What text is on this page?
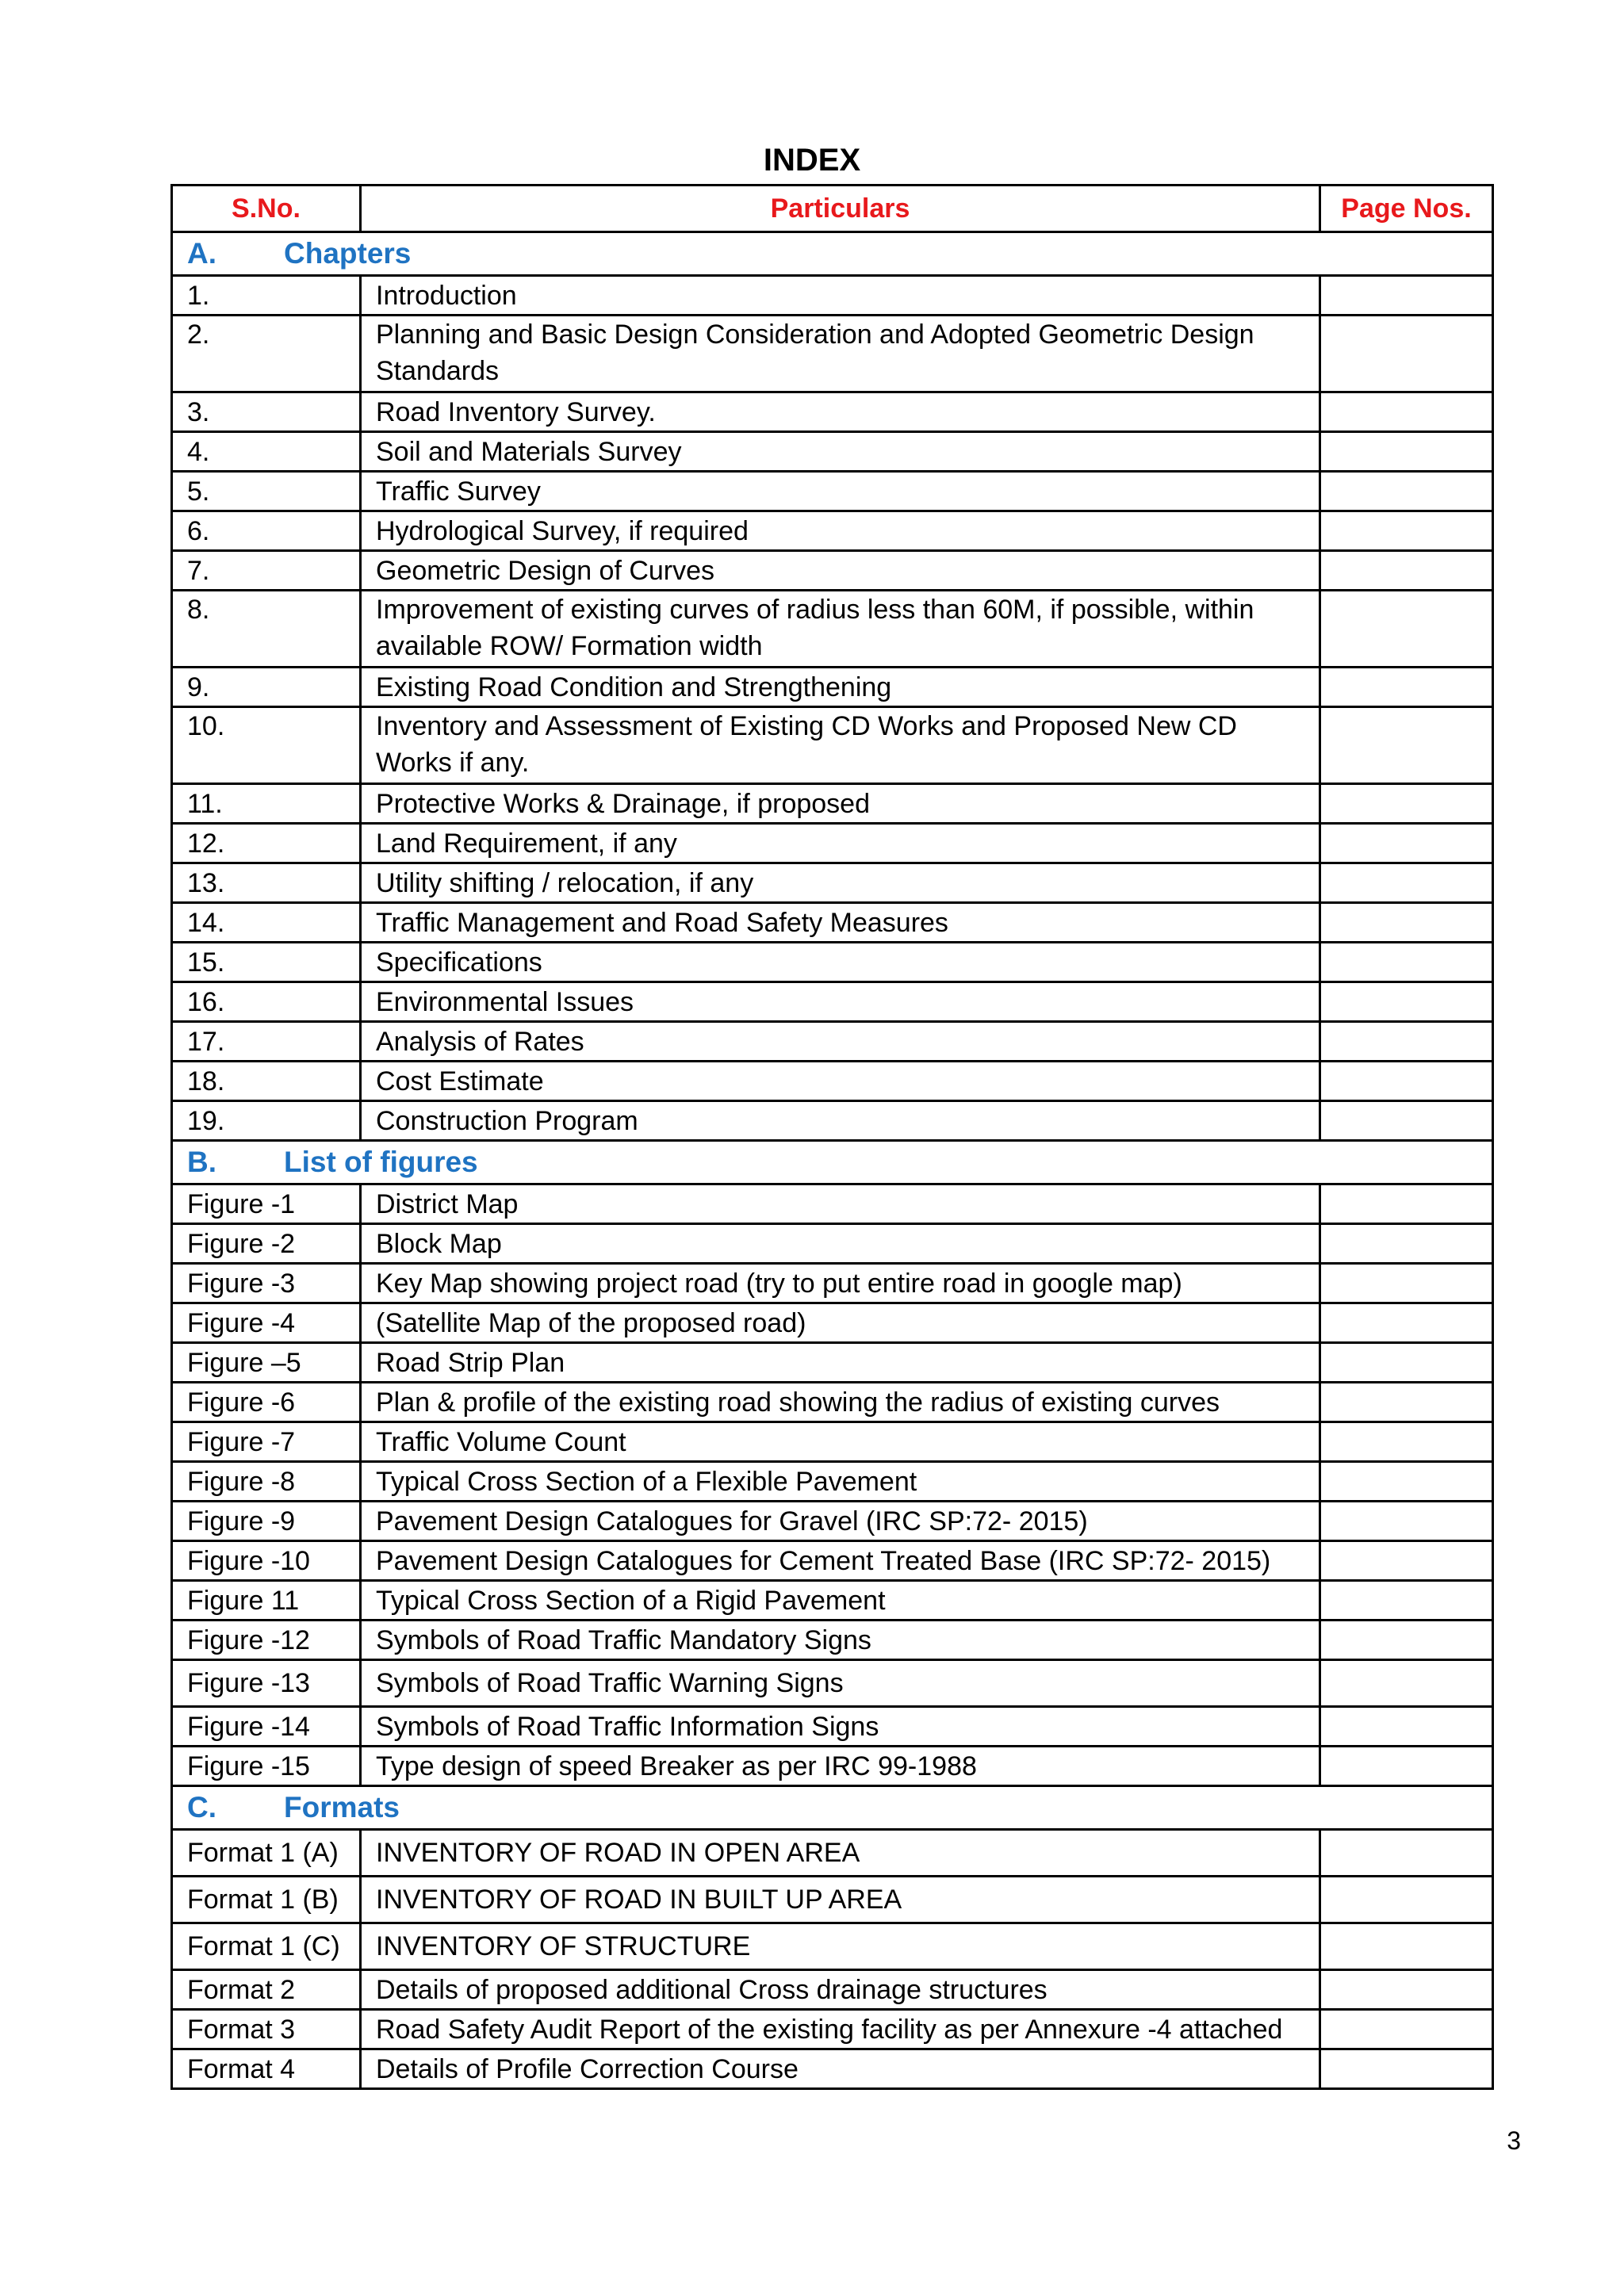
INDEX
S.No.	Particulars	Page Nos.
A. Chapters		
1.	Introduction	
2.	Planning and Basic Design Consideration and Adopted Geometric Design Standards	
3.	Road Inventory Survey.	
4.	Soil and Materials Survey	
5.	Traffic Survey	
6.	Hydrological Survey, if required	
7.	Geometric Design of Curves	
8.	Improvement of existing curves of radius less than 60M, if possible, within available ROW/ Formation width	
9.	Existing Road Condition and Strengthening	
10.	Inventory and Assessment of Existing CD Works and Proposed New CD Works if any.	
11.	Protective Works & Drainage, if proposed	
12.	Land Requirement, if any	
13.	Utility shifting / relocation, if any	
14.	Traffic Management and Road Safety Measures	
15.	Specifications	
16.	Environmental Issues	
17.	Analysis of Rates	
18.	Cost Estimate	
19.	Construction Program	
B. List of figures		
Figure -1	District Map	
Figure -2	Block Map	
Figure -3	Key Map showing project road (try to put entire road in google map)	
Figure -4	(Satellite Map of the proposed road)	
Figure –5	Road Strip Plan	
Figure -6	Plan & profile of the existing road showing the radius of existing curves	
Figure -7	Traffic Volume Count	
Figure -8	Typical Cross Section of a Flexible Pavement	
Figure -9	Pavement Design Catalogues for Gravel (IRC SP:72- 2015)	
Figure -10	Pavement Design Catalogues for Cement Treated Base (IRC SP:72- 2015)	
Figure 11	Typical Cross Section of a Rigid Pavement	
Figure -12	Symbols of Road Traffic Mandatory Signs	
Figure -13	Symbols of Road Traffic Warning Signs	
Figure -14	Symbols of Road Traffic Information Signs	
Figure -15	Type design of speed Breaker as per IRC 99-1988	
C. Formats		
Format 1 (A)	INVENTORY OF ROAD IN OPEN AREA	
Format 1 (B)	INVENTORY OF ROAD IN BUILT UP AREA	
Format 1 (C)	INVENTORY OF STRUCTURE	
Format 2	Details of proposed additional Cross drainage structures	
Format 3	Road Safety Audit Report of the existing facility as per Annexure -4 attached	
Format 4	Details of Profile Correction Course	
3
